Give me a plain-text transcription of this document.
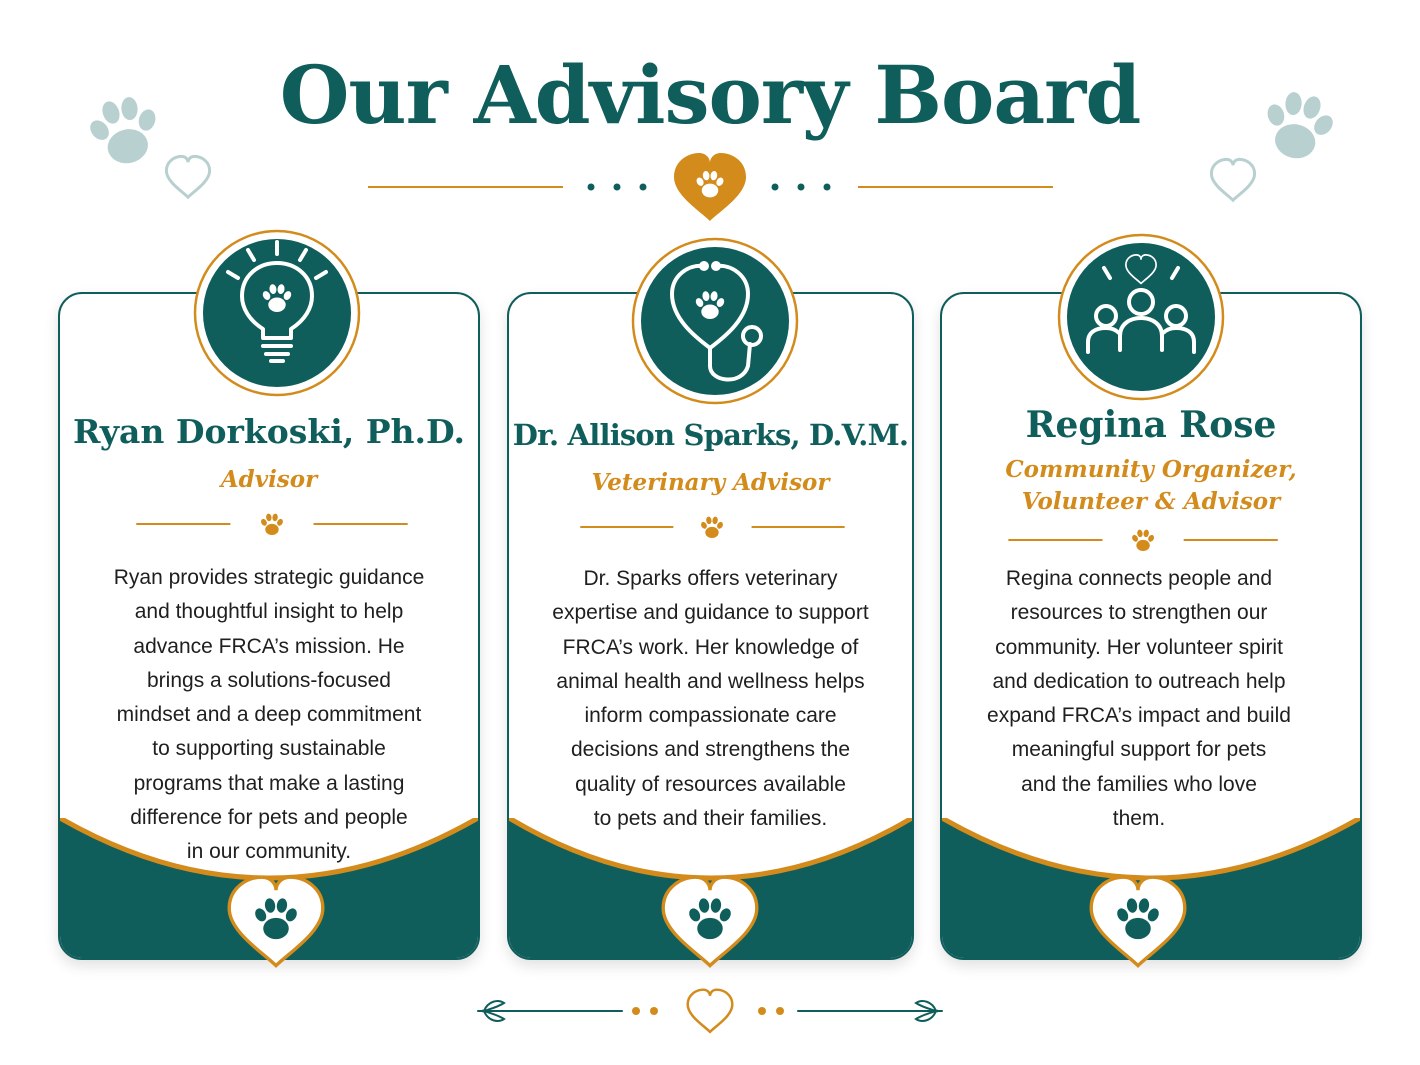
Our Advisory Board
Ryan Dorkoski, Ph.D.
Advisor
Ryan provides strategic guidance
and thoughtful insight to help
advance FRCA’s mission. He
brings a solutions-focused
mindset and a deep commitment
to supporting sustainable
programs that make a lasting
difference for pets and people
in our community.
Dr. Allison Sparks, D.V.M.
Veterinary Advisor
Dr. Sparks offers veterinary
expertise and guidance to support
FRCA’s work. Her knowledge of
animal health and wellness helps
inform compassionate care
decisions and strengthens the
quality of resources available
to pets and their families.
Regina Rose
Community Organizer,
Volunteer & Advisor
Regina connects people and
resources to strengthen our
community. Her volunteer spirit
and dedication to outreach help
expand FRCA’s impact and build
meaningful support for pets
and the families who love
them.
